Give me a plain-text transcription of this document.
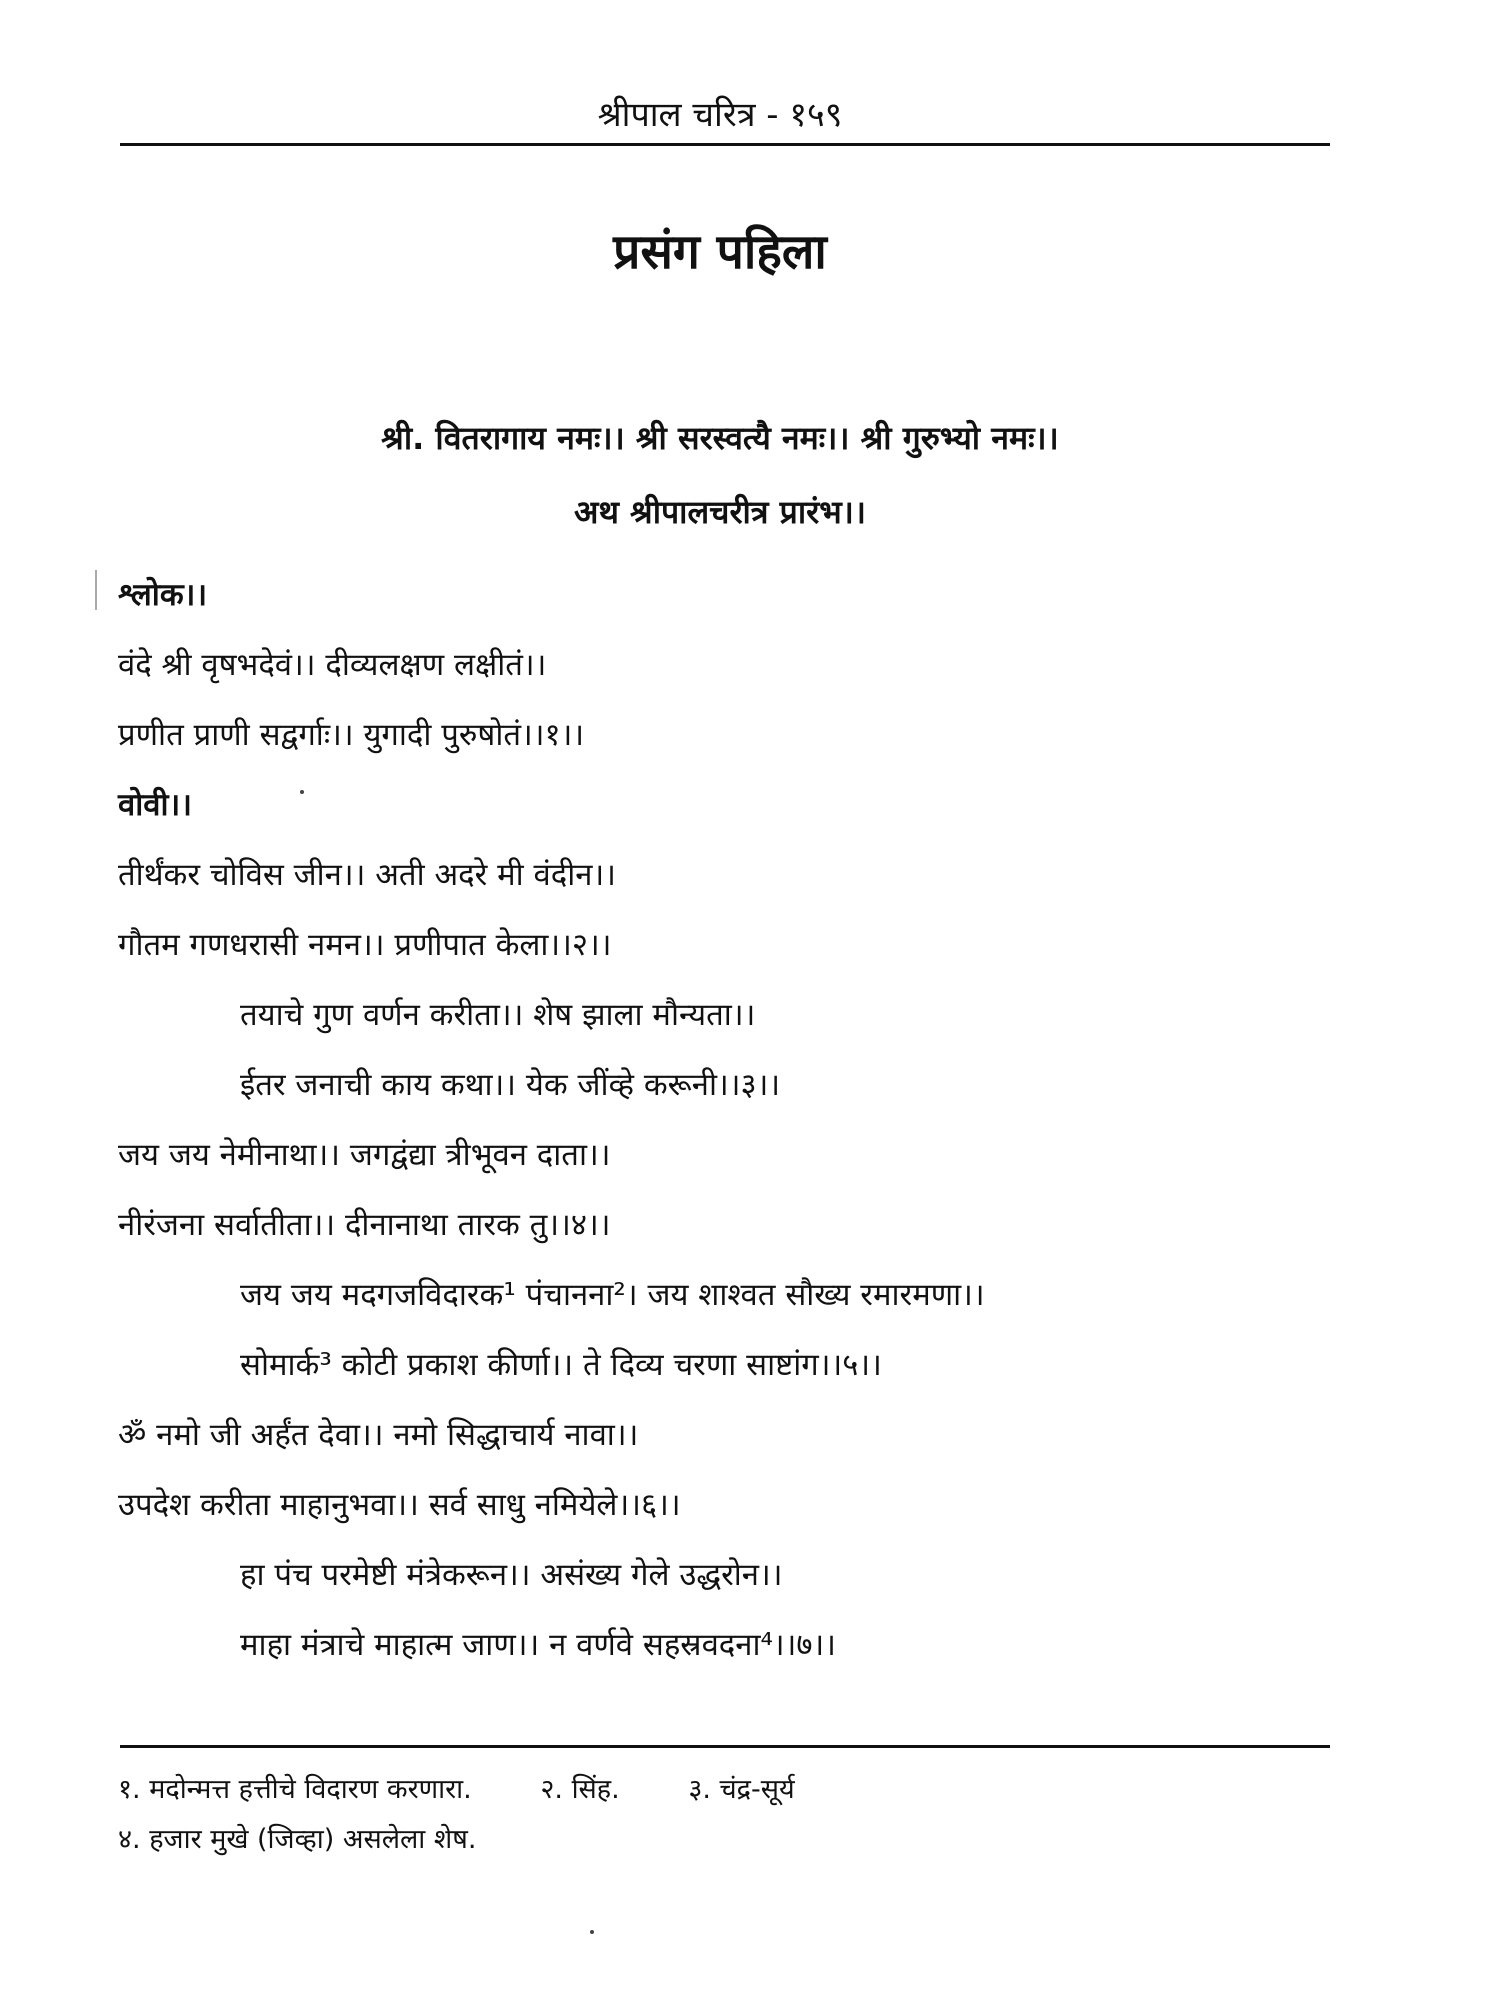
श्रीपाल चरित्र - १५९
प्रसंग पहिला
श्री. वितरागाय नमः।। श्री सरस्वत्यै नमः।। श्री गुरुभ्यो नमः।।
अथ श्रीपालचरीत्र प्रारंभ।।
श्लोक।।
वंदे श्री वृषभदेवं।। दीव्यलक्षण लक्षीतं।।
प्रणीत प्राणी सद्वर्गाः।। युगादी पुरुषोतं।।१।।
वोवी।।
तीर्थंकर चोविस जीन।। अती अदरे मी वंदीन।।
गौतम गणधरासी नमन।। प्रणीपात केला।।२।।
तयाचे गुण वर्णन करीता।। शेष झाला मौन्यता।।
ईतर जनाची काय कथा।। येक जींव्हे करूनी।।३।।
जय जय नेमीनाथा।। जगद्वंद्या त्रीभूवन दाता।।
नीरंजना सर्वातीता।। दीनानाथा तारक तु।।४।।
जय जय मदगजविदारक¹ पंचानना²। जय शाश्वत सौख्य रमारमणा।।
सोमार्क³ कोटी प्रकाश कीर्णा।। ते दिव्य चरणा साष्टांग।।५।।
ॐ नमो जी अर्हंत देवा।। नमो सिद्धाचार्य नावा।।
उपदेश करीता माहानुभवा।। सर्व साधु नमियेले।।६।।
हा पंच परमेष्टी मंत्रेकरून।। असंख्य गेले उद्धरोन।।
माहा मंत्राचे माहात्म जाण।। न वर्णवे सहस्रवदना⁴।।७।।
१. मदोन्मत्त हत्तीचे विदारण करणारा.	२. सिंह.	३. चंद्र-सूर्य
४. हजार मुखे (जिव्हा) असलेला शेष.
